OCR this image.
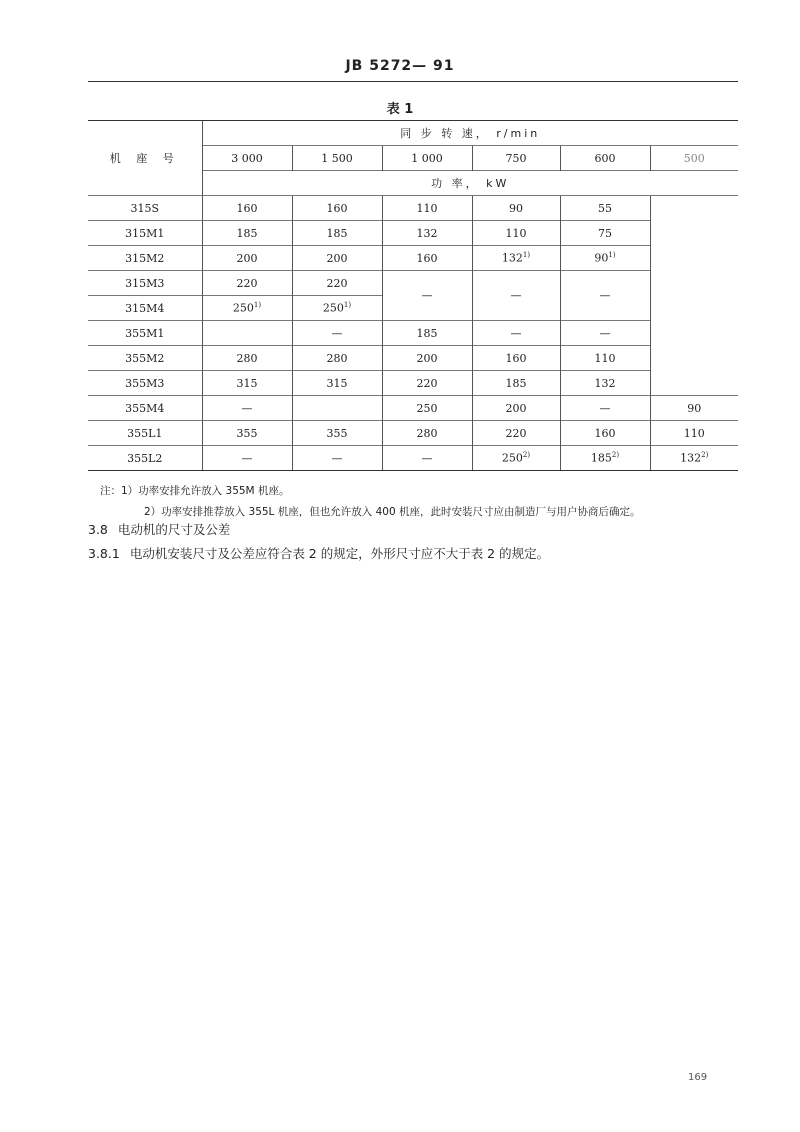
JB 5272— 91
表 1
机 座 号	同 步 转 速， r/min					
	3 000	1 500	1 000	750	600	500
	功 率， kW					
315S	160	160	110	90	55	
315M1	185	185	132	110	75	
315M2	200	200	160	132$^{1)}$	90$^{1)}$
315M3	220	220	—	—	—	
315M4	250$^{1)}$	250$^{1)}$
355M1		—	185	—	—	
355M2	280	280	200	160	110	
355M3	315	315	220	185	132	
355M4	—		250	200	—	90
355L1	355	355	280	220	160	110
355L2	—	—	—	250$^{2)}$	185$^{2)}$	132$^{2)}$
注：1）功率安排允许放入 355M 机座。
2）功率安排推荐放入 355L 机座，但也允许放入 400 机座，此时安装尺寸应由制造厂与用户协商后确定。
3.8 电动机的尺寸及公差
3.8.1 电动机安装尺寸及公差应符合表 2 的规定，外形尺寸应不大于表 2 的规定。
169
